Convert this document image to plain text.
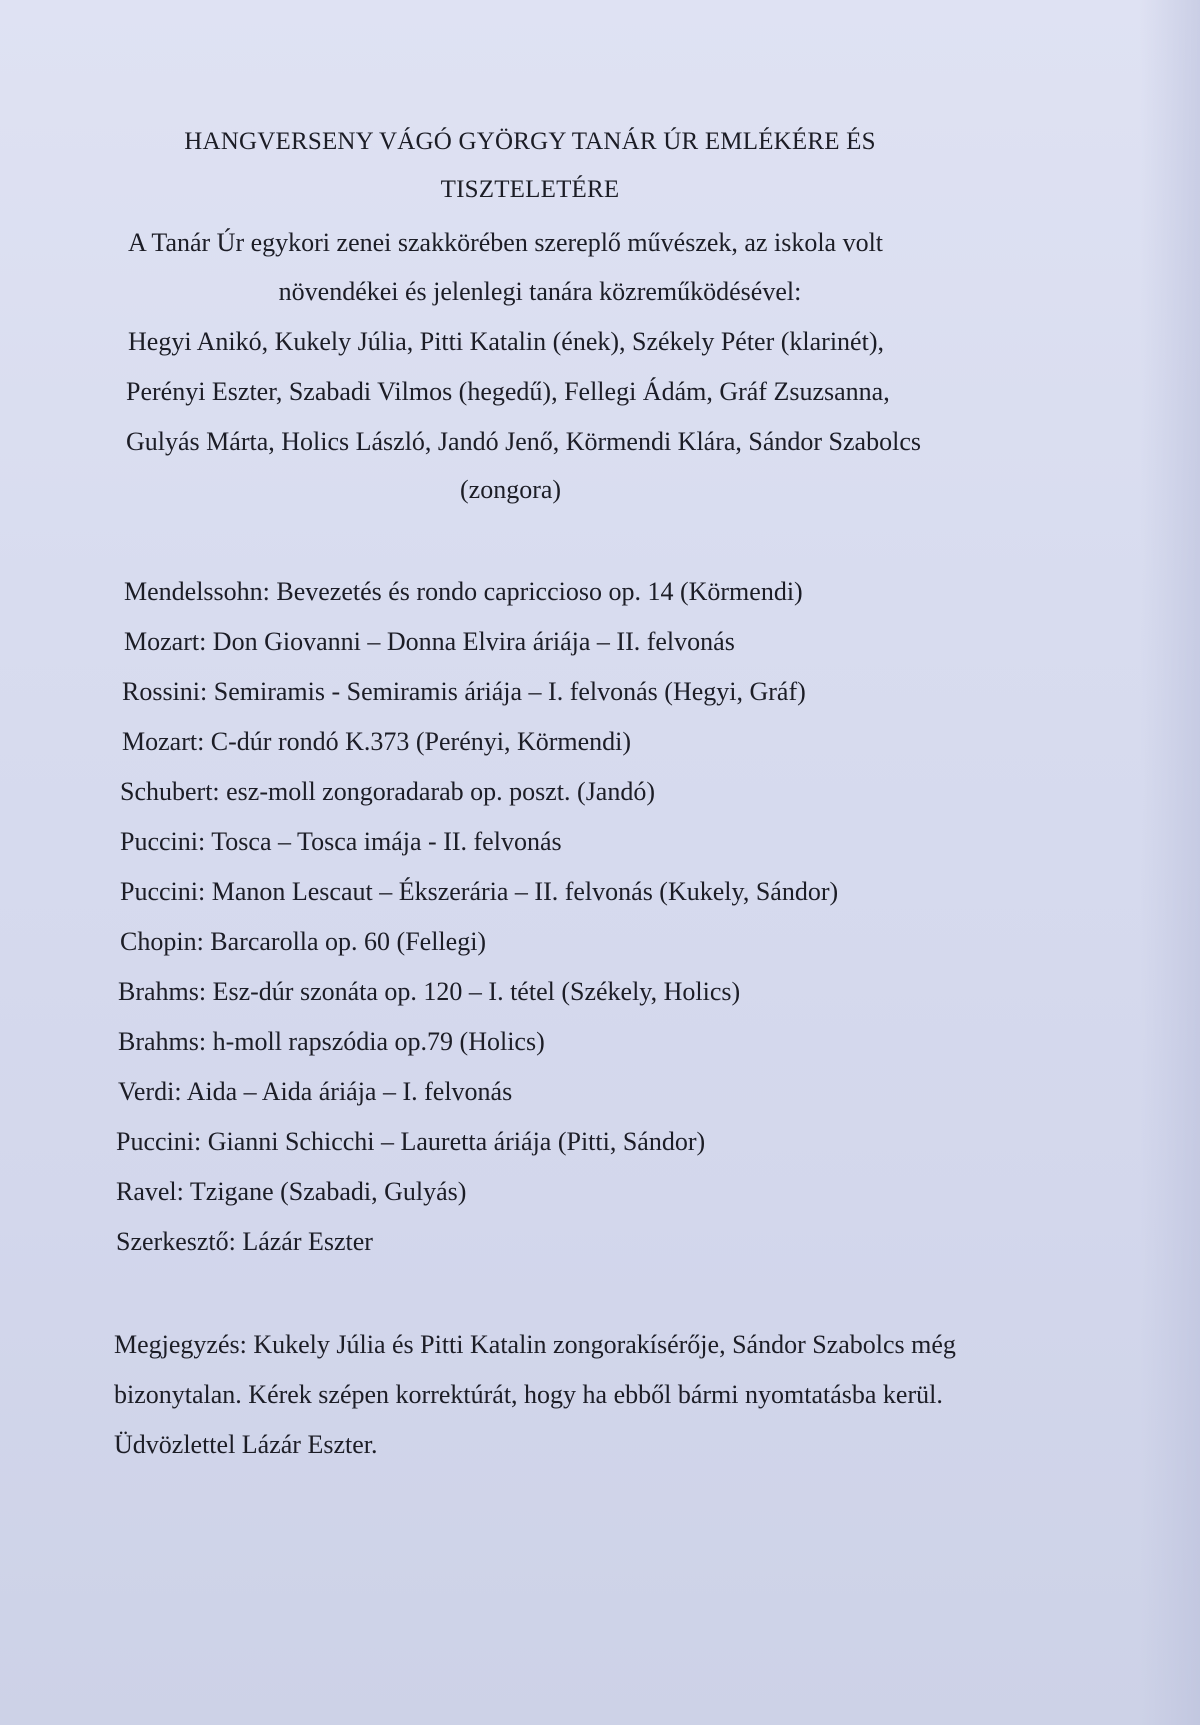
HANGVERSENY VÁGÓ GYÖRGY TANÁR ÚR EMLÉKÉRE ÉS
TISZTELETÉRE
A Tanár Úr egykori zenei szakkörében szereplő művészek, az iskola volt
növendékei és jelenlegi tanára közreműködésével:
Hegyi Anikó, Kukely Júlia, Pitti Katalin (ének), Székely Péter (klarinét),
Perényi Eszter, Szabadi Vilmos (hegedű), Fellegi Ádám, Gráf Zsuzsanna,
Gulyás Márta, Holics László, Jandó Jenő, Körmendi Klára, Sándor Szabolcs
(zongora)
Mendelssohn: Bevezetés és rondo capriccioso op. 14 (Körmendi)
Mozart: Don Giovanni – Donna Elvira áriája – II. felvonás
Rossini: Semiramis - Semiramis áriája – I. felvonás (Hegyi, Gráf)
Mozart: C-dúr rondó K.373 (Perényi, Körmendi)
Schubert: esz-moll zongoradarab op. poszt. (Jandó)
Puccini: Tosca – Tosca imája - II. felvonás
Puccini: Manon Lescaut – Ékszerária – II. felvonás (Kukely, Sándor)
Chopin: Barcarolla op. 60 (Fellegi)
Brahms: Esz-dúr szonáta op. 120 – I. tétel (Székely, Holics)
Brahms: h-moll rapszódia op.79 (Holics)
Verdi: Aida – Aida áriája – I. felvonás
Puccini: Gianni Schicchi – Lauretta áriája (Pitti, Sándor)
Ravel: Tzigane (Szabadi, Gulyás)
Szerkesztő: Lázár Eszter
Megjegyzés: Kukely Júlia és Pitti Katalin zongorakísérője, Sándor Szabolcs még
bizonytalan. Kérek szépen korrektúrát, hogy ha ebből bármi nyomtatásba kerül.
Üdvözlettel Lázár Eszter.
